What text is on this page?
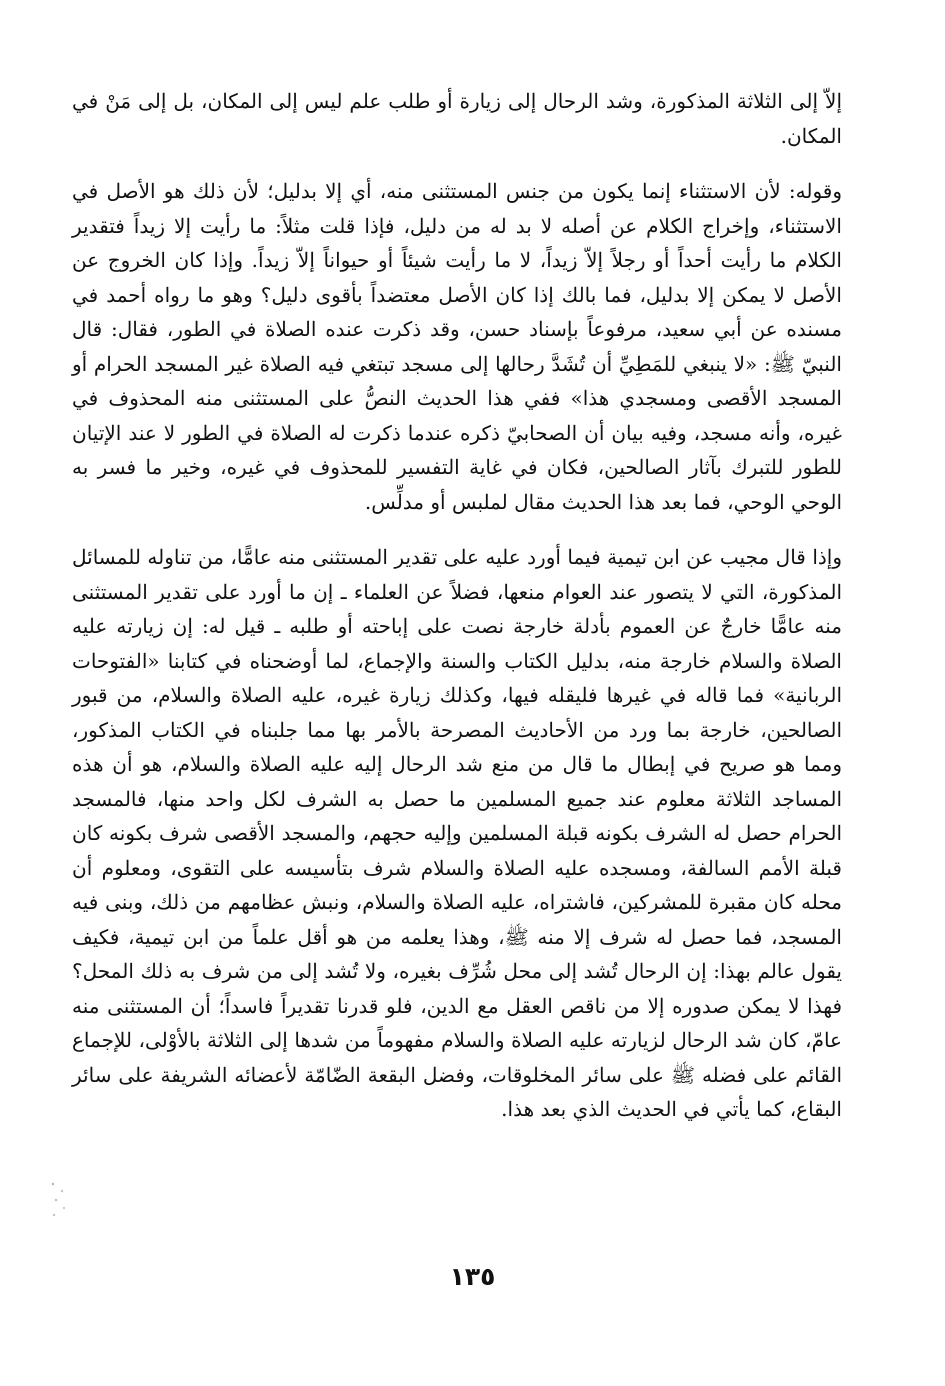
إلاّ إلى الثلاثة المذكورة، وشد الرحال إلى زيارة أو طلب علم ليس إلى المكان، بل إلى مَنْ في المكان.

وقوله: لأن الاستثناء إنما يكون من جنس المستثنى منه، أي إلا بدليل؛ لأن ذلك هو الأصل في الاستثناء، وإخراج الكلام عن أصله لا بد له من دليل، فإذا قلت مثلاً: ما رأيت إلا زيداً فتقدير الكلام ما رأيت أحداً أو رجلاً إلاّ زيداً، لا ما رأيت شيئاً أو حيواناً إلاّ زيداً. وإذا كان الخروج عن الأصل لا يمكن إلا بدليل، فما بالك إذا كان الأصل معتضداً بأقوى دليل؟ وهو ما رواه أحمد في مسنده عن أبي سعيد، مرفوعاً بإسناد حسن، وقد ذكرت عنده الصلاة في الطور، فقال: قال النبيّ ﷺ: «لا ينبغي للمَطِيِّ أن تُشَدَّ رحالها إلى مسجد تبتغي فيه الصلاة غير المسجد الحرام أو المسجد الأقصى ومسجدي هذا» ففي هذا الحديث النصُّ على المستثنى منه المحذوف في غيره، وأنه مسجد، وفيه بيان أن الصحابيّ ذكره عندما ذكرت له الصلاة في الطور لا عند الإتيان للطور للتبرك بآثار الصالحين، فكان في غاية التفسير للمحذوف في غيره، وخير ما فسر به الوحي الوحي، فما بعد هذا الحديث مقال لملبس أو مدلِّس.

وإذا قال مجيب عن ابن تيمية فيما أورد عليه على تقدير المستثنى منه عامًّا، من تناوله للمسائل المذكورة، التي لا يتصور عند العوام منعها، فضلاً عن العلماء ـ إن ما أورد على تقدير المستثنى منه عامًّا خارجٌ عن العموم بأدلة خارجة نصت على إباحته أو طلبه ـ قيل له: إن زيارته عليه الصلاة والسلام خارجة منه، بدليل الكتاب والسنة والإجماع، لما أوضحناه في كتابنا «الفتوحات الربانية» فما قاله في غيرها فليقله فيها، وكذلك زيارة غيره، عليه الصلاة والسلام، من قبور الصالحين، خارجة بما ورد من الأحاديث المصرحة بالأمر بها مما جلبناه في الكتاب المذكور، ومما هو صريح في إبطال ما قال من منع شد الرحال إليه عليه الصلاة والسلام، هو أن هذه المساجد الثلاثة معلوم عند جميع المسلمين ما حصل به الشرف لكل واحد منها، فالمسجد الحرام حصل له الشرف بكونه قبلة المسلمين وإليه حجهم، والمسجد الأقصى شرف بكونه كان قبلة الأمم السالفة، ومسجده عليه الصلاة والسلام شرف بتأسيسه على التقوى، ومعلوم أن محله كان مقبرة للمشركين، فاشتراه، عليه الصلاة والسلام، ونبش عظامهم من ذلك، وبنى فيه المسجد، فما حصل له شرف إلا منه ﷺ، وهذا يعلمه من هو أقل علماً من ابن تيمية، فكيف يقول عالم بهذا: إن الرحال تُشد إلى محل شُرِّف بغيره، ولا تُشد إلى من شرف به ذلك المحل؟ فهذا لا يمكن صدوره إلا من ناقص العقل مع الدين، فلو قدرنا تقديراً فاسداً؛ أن المستثنى منه عامّ، كان شد الرحال لزيارته عليه الصلاة والسلام مفهوماً من شدها إلى الثلاثة بالأوْلى، للإجماع القائم على فضله ﷺ على سائر المخلوقات، وفضل البقعة الضّامّة لأعضائه الشريفة على سائر البقاع، كما يأتي في الحديث الذي بعد هذا.

١٣٥
